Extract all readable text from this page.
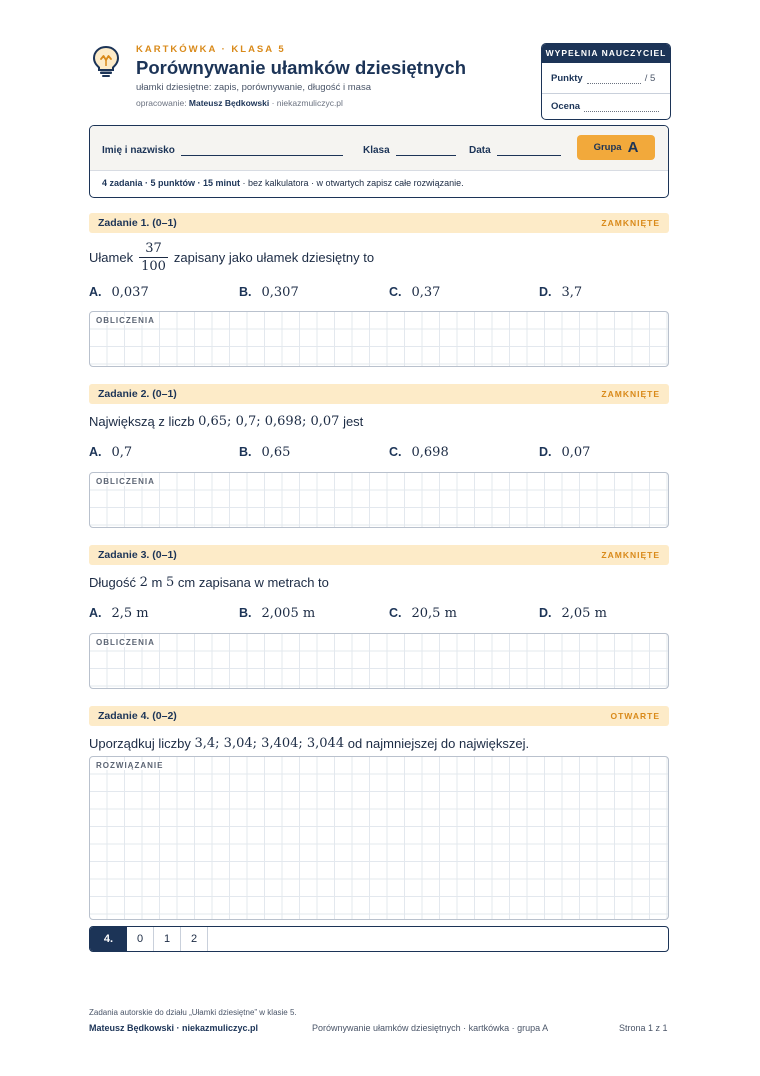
KARTKÓWKA · KLASA 5
Porównywanie ułamków dziesiętnych
ułamki dziesiętne: zapis, porównywanie, długość i masa
opracowanie: Mateusz Będkowski · niekazmuliczyc.pl
WYPEŁNIA NAUCZYCIEL
Punkty	/ 5
Ocena
Imię i nazwisko	Klasa	Data	Grupa A
4 zadania · 5 punktów · 15 minut · bez kalkulatora · w otwartych zapisz całe rozwiązanie.
Zadanie 1. (0–1)	ZAMKNIĘTE
Ułamek $\frac{37}{100}$ zapisany jako ułamek dziesiętny to
A. 0,037	B. 0,307	C. 0,37	D. 3,7
OBLICZENIA
Zadanie 2. (0–1)	ZAMKNIĘTE
Największą z liczb
0,65; 0,7; 0,698; 0,07
jest
A. 0,7	B. 0,65	C. 0,698	D. 0,07
OBLICZENIA
Zadanie 3. (0–1)	ZAMKNIĘTE
Długość
2
m
5
cm zapisana w metrach to
A. 2,5 m	B. 2,005 m	C. 20,5 m	D. 2,05 m
OBLICZENIA
Zadanie 4. (0–2)	OTWARTE
Uporządkuj liczby
3,4; 3,04; 3,404; 3,044
od najmniejszej do największej.
ROZWIĄZANIE
4.	0	1	2
Zadania autorskie do działu „Ułamki dziesiętne” w klasie 5.
Mateusz Będkowski · niekazmuliczyc.pl	Porównywanie ułamków dziesiętnych · kartkówka · grupa A	Strona 1 z 1
